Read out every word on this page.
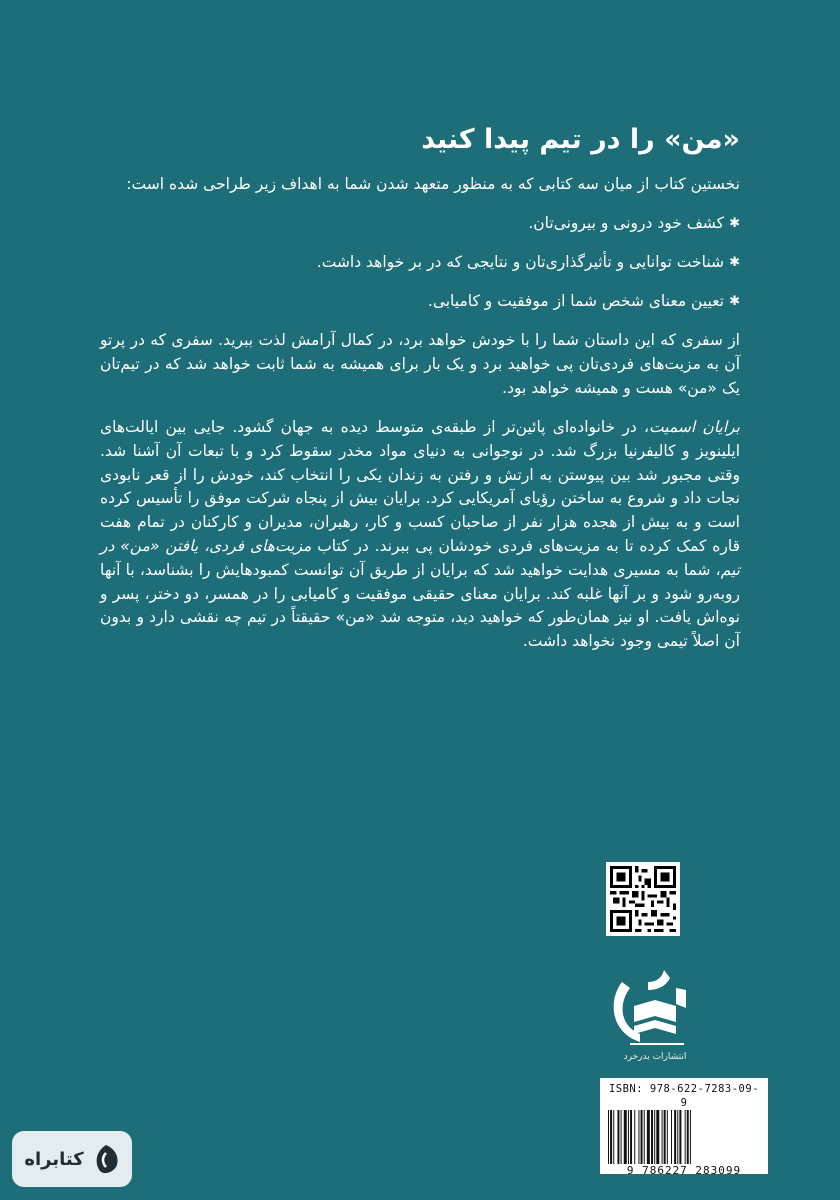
«من» را در تیم پیدا کنید

نخستین کتاب از میان سه کتابی که به منظور متعهد شدن شما به اهداف زیر طراحی شده است:

✱
کشف خود درونی و بیرونی‌تان.
✱
شناخت توانایی و تأثیرگذاری‌تان و نتایجی که در بر خواهد داشت.
✱
تعیین معنای شخص شما از موفقیت و کامیابی.

از سفری که این داستان شما را با خودش خواهد برد، در کمال آرامش لذت ببرید. سفری که در پرتو آن به مزیت‌های فردی‌تان پی خواهید برد و یک بار برای همیشه به شما ثابت خواهد شد که در تیم‌تان یک «من» هست و همیشه خواهد بود.

برایان اسمیت، در خانواده‌ای پائین‌تر از طبقه‌ی متوسط دیده به جهان گشود. جایی بین ایالت‌های ایلینویز و کالیفرنیا بزرگ شد. در نوجوانی به دنیای مواد مخدر سقوط کرد و با تبعات آن آشنا شد. وقتی مجبور شد بین پیوستن به ارتش و رفتن به زندان یکی را انتخاب کند، خودش را از قعر نابودی نجات داد و شروع به ساختن رؤیای آمریکایی کرد. برایان بیش از پنجاه شرکت موفق را تأسیس کرده است و به بیش از هجده هزار نفر از صاحبان کسب و کار، رهبران، مدیران و کارکنان در تمام هفت قاره کمک کرده تا به مزیت‌های فردی خودشان پی ببرند. در کتاب مزیت‌های فردی، یافتن «من» در تیم، شما به مسیری هدایت خواهید شد که برایان از طریق آن توانست کمبودهایش را بشناسد، با آنها روبه‌رو شود و بر آنها غلبه کند. برایان معنای حقیقی موفقیت و کامیابی را در همسر، دو دختر، پسر و نوه‌اش یافت. او نیز همان‌طور که خواهید دید، متوجه شد «من» حقیقتاً در تیم چه نقشی دارد و بدون آن اصلاً تیمی وجود نخواهد داشت.

انتشارات بدرخرد
ISBN: 978-622-7283-09-9
9 786227 283099
کتابراه
